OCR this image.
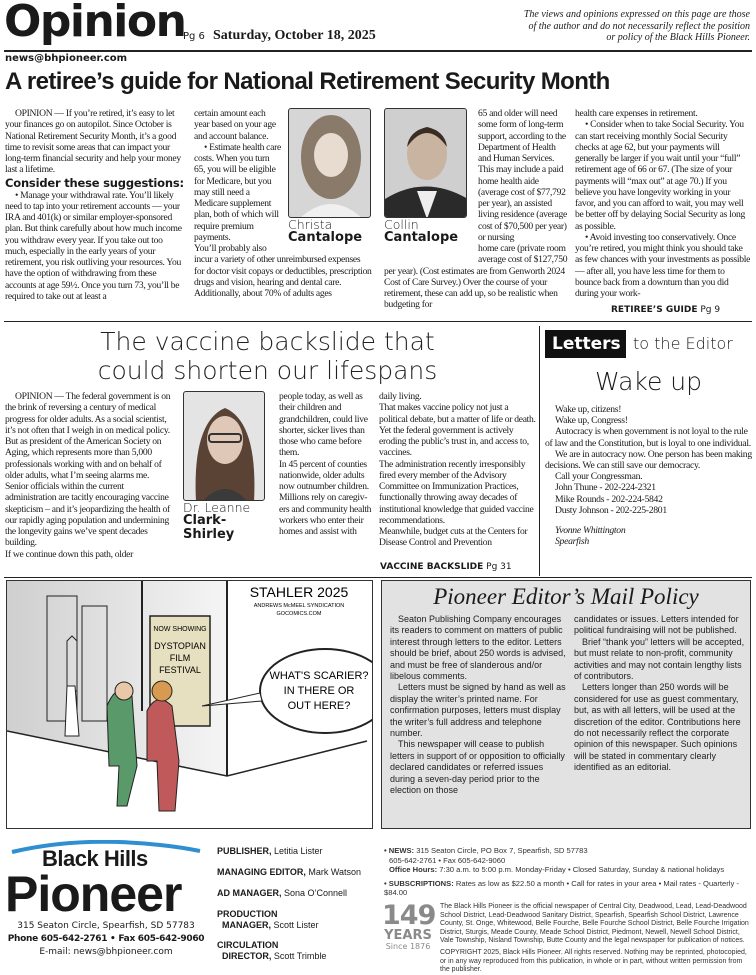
Opinion
Pg 6 Saturday, October 18, 2025
The views and opinions expressed on this page are those
of the author and do not necessarily reflect the position
or policy of the Black Hills Pioneer.
news@bhpioneer.com
A retiree’s guide for National Retirement Security Month

OPINION — If you’re retired, it’s easy to let your finances go on autopilot. Since October is National Retirement Security Month, it’s a good time to revisit some areas that can impact your long-term financial security and help your money last a lifetime.

Consider these suggestions:

• Manage your withdrawal rate. You’ll likely need to tap into your retirement accounts — your IRA and 401(k) or similar employer-sponsored plan. But think carefully about how much income you withdraw every year. If you take out too much, especially in the early years of your retirement, you risk outliving your resources. You have the option of withdrawing from these accounts at age 59½. Once you turn 73, you’ll be required to take out at least a

Christa
Cantalope

certain amount each year based on your age and account balance.

• Estimate health care costs. When you turn 65, you will be eligible for Medicare, but you may still need a Medicare supplement plan, both of which will require premium payments.

You’ll probably also incur a variety of other unreimbursed expenses for doctor visit copays or deductibles, prescription drugs and vision, hearing and dental care. Additionally, about 70% of adults ages

Collin
Cantalope

65 and older will need some form of long-term support, according to the Department of Health and Human Services. This may include a paid home health aide (average cost of $77,792 per year), an assisted living residence (average cost of $70,500 per year) or nursing

home care (private room average cost of $127,750 per year). (Cost estimates are from Genworth 2024 Cost of Care Survey.) Over the course of your retirement, these can add up, so be realistic when budgeting for

health care expenses in retirement.

• Consider when to take Social Security. You can start receiving monthly Social Security checks at age 62, but your payments will generally be larger if you wait until your “full” retirement age of 66 or 67. (The size of your payments will “max out” at age 70.) If you believe you have longevity working in your favor, and you can afford to wait, you may well be better off by delaying Social Security as long as possible.

• Avoid investing too conservatively. Once you’re retired, you might think you should take as few chances with your investments as possible — after all, you have less time for them to bounce back from a downturn than you did during your work-

RETIREE’S GUIDE Pg 9
The vaccine backslide that
could shorten our lifespans

OPINION — The federal government is on the brink of reversing a century of medical progress for older adults. As a social scientist, it’s not often that I weigh in on medical policy. But as president of the American Society on Aging, which represents more than 5,000 professionals working with and on behalf of older adults, what I’m seeing alarms me.

Senior officials within the current administration are tacitly encouraging vaccine skepticism – and it’s jeopardizing the health of our rapidly aging population and undermining the longevity gains we’ve spent decades building.

If we continue down this path, older

Dr. Leanne
Clark-Shirley

people today, as well as their children and grandchildren, could live shorter, sicker lives than those who came before them.

In 45 percent of counties nationwide, older adults now outnumber children. Millions rely on caregiv-

ers and community health workers who enter their homes and assist with

daily living.

That makes vaccine policy not just a political debate, but a matter of life or death.

Yet the federal government is actively eroding the public’s trust in, and access to, vaccines.

The administration recently irresponsibly fired every member of the Advisory Committee on Immunization Practices, functionally throwing away decades of institutional knowledge that guided vaccine recommendations.

Meanwhile, budget cuts at the Centers for Disease Control and Prevention

VACCINE BACKSLIDE Pg 31
Letters to the Editor
Wake up

Wake up, citizens!

Wake up, Congress!

Autocracy is when government is not loyal to the rule of law and the Constitution, but is loyal to one individual.

We are in autocracy now. One person has been making decisions. We can still save our democracy.

Call your Congressman.

John Thune - 202-224-2321

Mike Rounds - 202-224-5842

Dusty Johnson - 202-225-2801

Yvonne Whittington

Spearfish

NOW SHOWING
DYSTOPIAN
FILM
FESTIVAL	WHAT'S SCARIER?
IN THERE OR
OUT HERE?
STAHLER 2025
ANDREWS McMEEL SYNDICATION
GOCOMICS.COM
Pioneer Editor’s Mail Policy

Seaton Publishing Company encourages its readers to comment on matters of public interest through letters to the editor. Letters should be brief, about 250 words is advised, and must be free of slanderous and/or libelous comments.

Letters must be signed by hand as well as display the writer’s printed name. For confirmation purposes, letters must display the writer’s full address and telephone number.

This newspaper will cease to publish letters in support of or opposition to officially declared candidates or referred issues during a seven-day period prior to the election on those

candidates or issues. Letters intended for political fundraising will not be published.

Brief “thank you” letters will be accepted, but must relate to non-profit, community activities and may not contain lengthy lists of contributors.

Letters longer than 250 words will be considered for use as guest commentary, but, as with all letters, will be used at the discretion of the editor. Contributions here do not necessarily reflect the corporate opinion of this newspaper. Such opinions will be stated in commentary clearly identified as an editorial.

Black Hills
Pioneer
315 Seaton Circle, Spearfish, SD 57783
Phone 605-642-2761 • Fax 605-642-9060
E-mail: news@bhpioneer.com
PUBLISHER, Letitia Lister
MANAGING EDITOR, Mark Watson
AD MANAGER, Sona O’Connell
PRODUCTION
MANAGER, Scott Lister
CIRCULATION
DIRECTOR, Scott Trimble
• NEWS: 315 Seaton Circle, PO Box 7, Spearfish, SD 57783
605-642-2761 • Fax 605-642-9060
Office Hours: 7:30 a.m. to 5:00 p.m. Monday-Friday • Closed Saturday, Sunday & national holidays
• SUBSCRIPTIONS: Rates as low as $22.50 a month • Call for rates in your area • Mail rates - Quarterly - $84.00
149
YEARS
Since 1876
The Black Hills Pioneer is the official newspaper of Central City, Deadwood, Lead, Lead-Deadwood School District, Lead-Deadwood Sanitary District, Spearfish, Spearfish School District, Lawrence County, St. Onge, Whitewood, Belle Fourche, Belle Fourche School District, Belle Fourche Irrigation District, Sturgis, Meade County, Meade School District, Piedmont, Newell, Newell School District, Vale Township, Nisland Township, Butte County and the legal newspaper for publication of notices.
COPYRIGHT 2025, Black Hills Pioneer. All rights reserved. Nothing may be reprinted, photocopied, or in any way reproduced from this publication, in whole or in part, without written permission from the publisher.
